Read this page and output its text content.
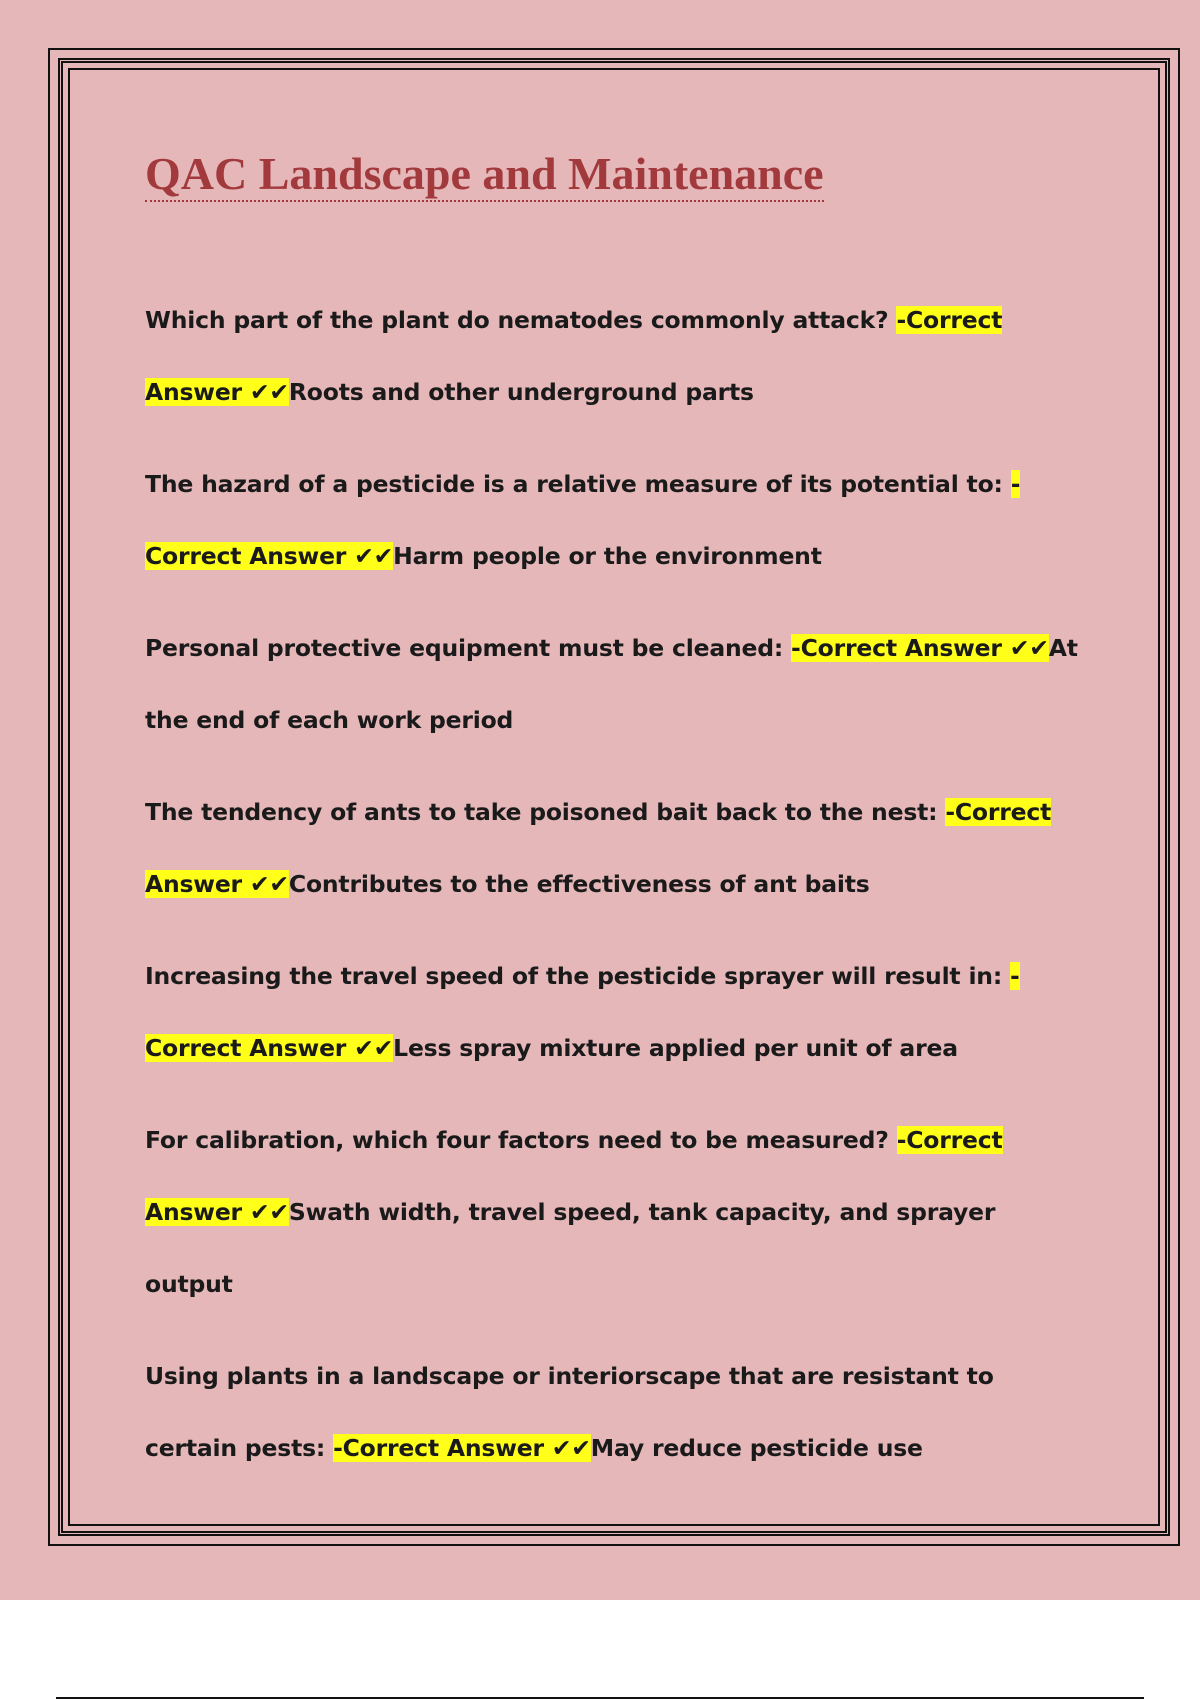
QAC Landscape and Maintenance

Which part of the plant do nematodes commonly attack? -Correct Answer ✔✔Roots and other underground parts

The hazard of a pesticide is a relative measure of its potential to: -Correct Answer ✔✔Harm people or the environment

Personal protective equipment must be cleaned: -Correct Answer ✔✔At the end of each work period

The tendency of ants to take poisoned bait back to the nest: -Correct Answer ✔✔Contributes to the effectiveness of ant baits

Increasing the travel speed of the pesticide sprayer will result in: -Correct Answer ✔✔Less spray mixture applied per unit of area

For calibration, which four factors need to be measured? -Correct Answer ✔✔Swath width, travel speed, tank capacity, and sprayer output

Using plants in a landscape or interiorscape that are resistant to certain pests: -Correct Answer ✔✔May reduce pesticide use
